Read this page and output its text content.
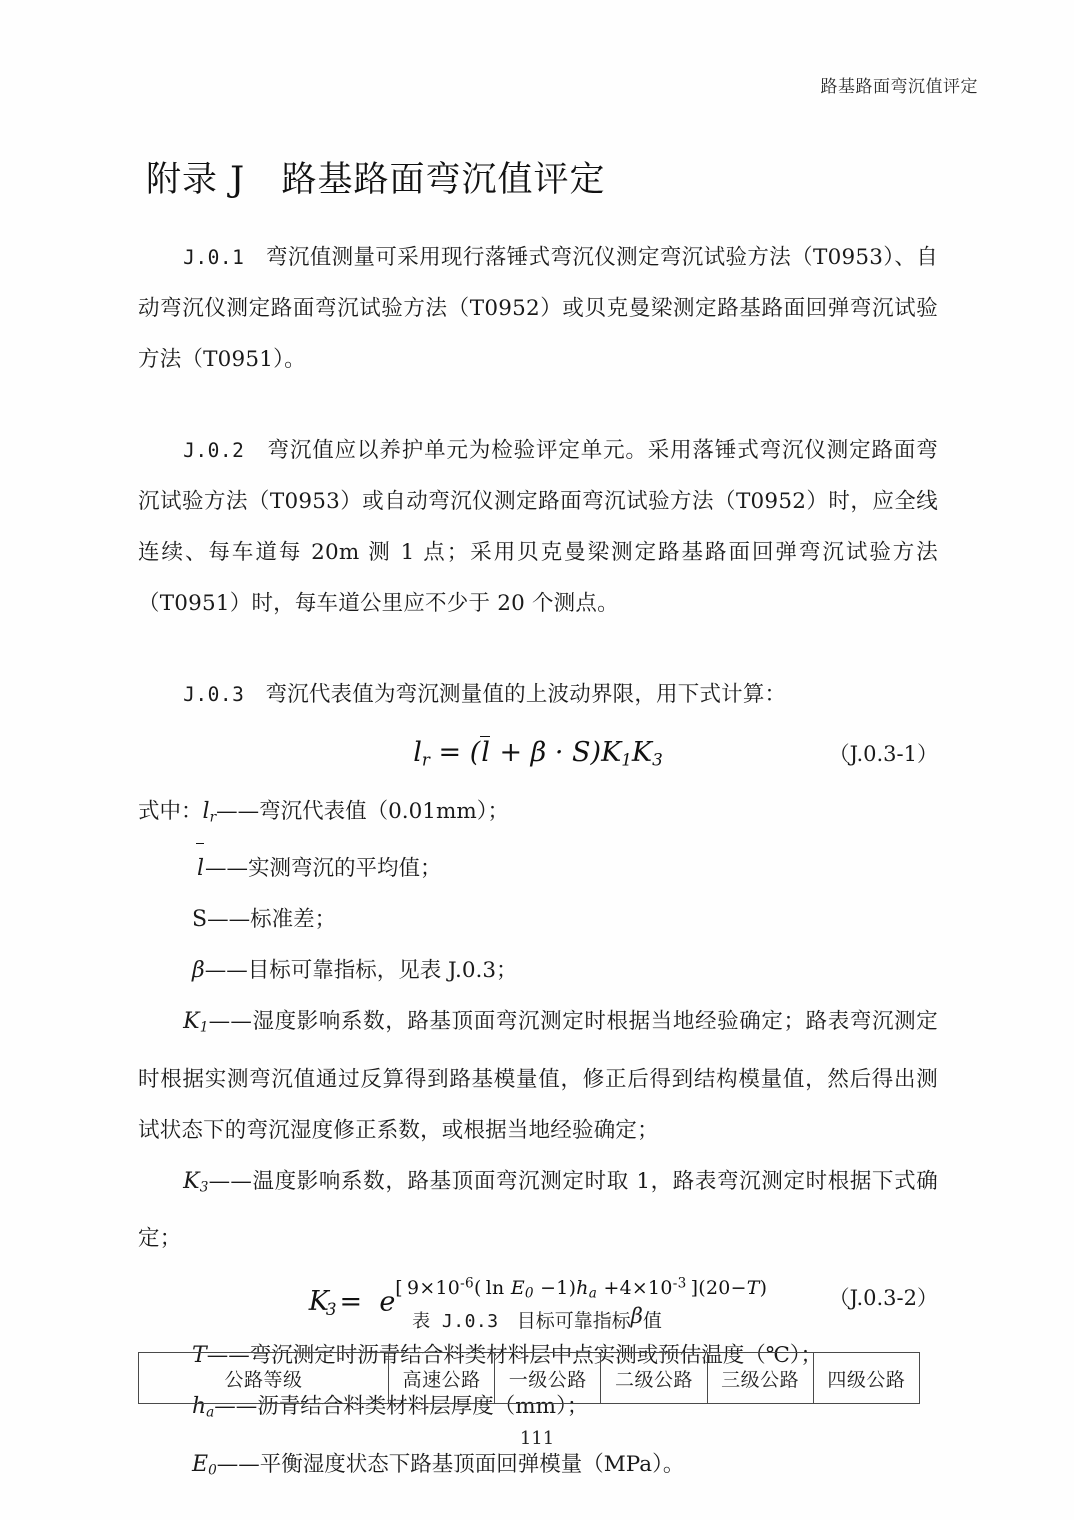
路基路面弯沉值评定
附录 J   路基路面弯沉值评定

J.0.1 弯沉值测量可采用现行落锤式弯沉仪测定弯沉试验方法（T0953）、自动弯沉仪测定路面弯沉试验方法（T0952）或贝克曼梁测定路基路面回弹弯沉试验方法（T0951）。

J.0.2 弯沉值应以养护单元为检验评定单元。采用落锤式弯沉仪测定路面弯沉试验方法（T0953）或自动弯沉仪测定路面弯沉试验方法（T0952）时，应全线连续、每车道每 20m 测 1 点；采用贝克曼梁测定路基路面回弹弯沉试验方法（T0951）时，每车道公里应不少于 20 个测点。

J.0.3 弯沉代表值为弯沉测量值的上波动界限，用下式计算：

$l_r = (l + \beta \cdot S)K_1K_3$	（J.0.3-1）
式中：$l_r——$弯沉代表值（0.01mm）；
l——实测弯沉的平均值；
S——标准差；
β——目标可靠指标，见表 J.0.3；

$K_1——$湿度影响系数，路基顶面弯沉测定时根据当地经验确定；路表弯沉测定时根据实测弯沉值通过反算得到路基模量值，修正后得到结构模量值，然后得出测试状态下的弯沉湿度修正系数，或根据当地经验确定；

$K_3——$温度影响系数，路基顶面弯沉测定时取 1，路表弯沉测定时根据下式确定；

$K_3 = e^{[ 9\times 10^{-6}( ln E_0 -1)h_a +4\times 10^{-3} ](20-T)}$	（J.0.3-2）
T——弯沉测定时沥青结合料类材料层中点实测或预估温度（℃）；
$h_a——$沥青结合料类材料层厚度（mm）；
$E_0——$平衡湿度状态下路基顶面回弹模量（MPa）。
表 J.0.3 目标可靠指标β值
公路等级	高速公路	一级公路	二级公路	三级公路	四级公路
111
